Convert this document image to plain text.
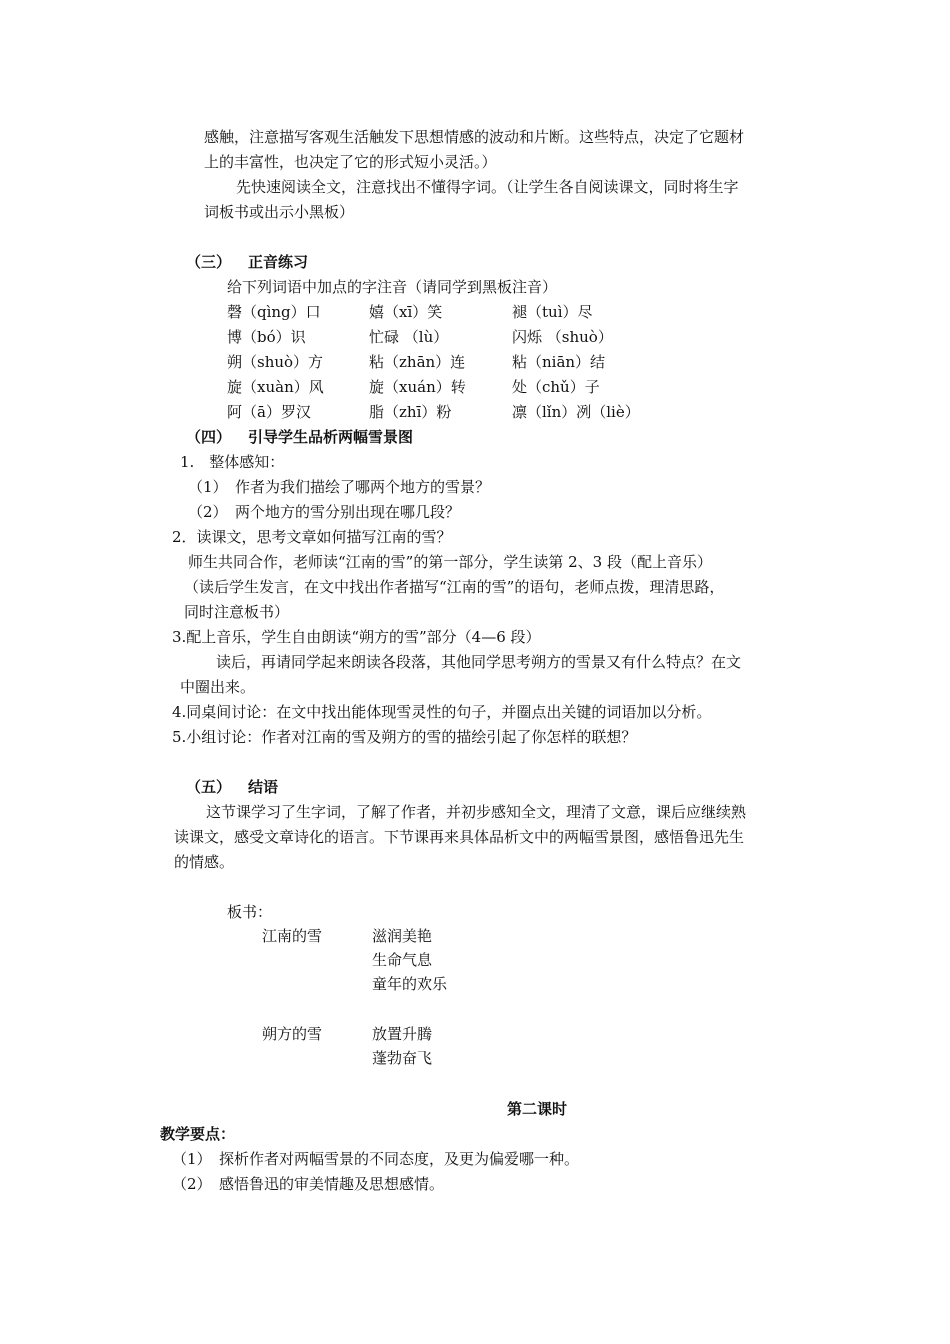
感触，注意描写客观生活触发下思想情感的波动和片断。这些特点，决定了它题材
上的丰富性，也决定了它的形式短小灵活。）
先快速阅读全文，注意找出不懂得字词。（让学生各自阅读课文，同时将生字
词板书或出示小黑板）
（三） 正音练习
给下列词语中加点的字注音（请同学到黑板注音）
磬（qìng）口	嬉（xī）笑	褪（tuì）尽
博（bó）识	忙碌 （lù）	闪烁 （shuò）
朔（shuò）方	粘（zhān）连	粘（niān）结
旋（xuàn）风	旋（xuán）转	处（chǔ）子
阿（ā）罗汉	脂（zhī）粉	凛（lǐn）冽（liè）
（四） 引导学生品析两幅雪景图
1.　整体感知：
（1）　作者为我们描绘了哪两个地方的雪景？
（2）　两个地方的雪分别出现在哪几段？
2．读课文，思考文章如何描写江南的雪？
师生共同合作，老师读“江南的雪”的第一部分，学生读第 2、3 段（配上音乐）
（读后学生发言，在文中找出作者描写“江南的雪”的语句，老师点拨，理清思路，
同时注意板书）
3.配上音乐，学生自由朗读“朔方的雪”部分（4—6 段）
读后，再请同学起来朗读各段落，其他同学思考朔方的雪景又有什么特点？在文
中圈出来。
4.同桌间讨论：在文中找出能体现雪灵性的句子，并圈点出关键的词语加以分析。
5.小组讨论：作者对江南的雪及朔方的雪的描绘引起了你怎样的联想？
（五） 结语
这节课学习了生字词，了解了作者，并初步感知全文，理清了文意，课后应继续熟
读课文，感受文章诗化的语言。下节课再来具体品析文中的两幅雪景图，感悟鲁迅先生
的情感。
板书：
江南的雪	滋润美艳
生命气息
童年的欢乐
朔方的雪	放置升腾
蓬勃奋飞
第二课时
教学要点：
（1）　探析作者对两幅雪景的不同态度，及更为偏爱哪一种。
（2）　感悟鲁迅的审美情趣及思想感情。
